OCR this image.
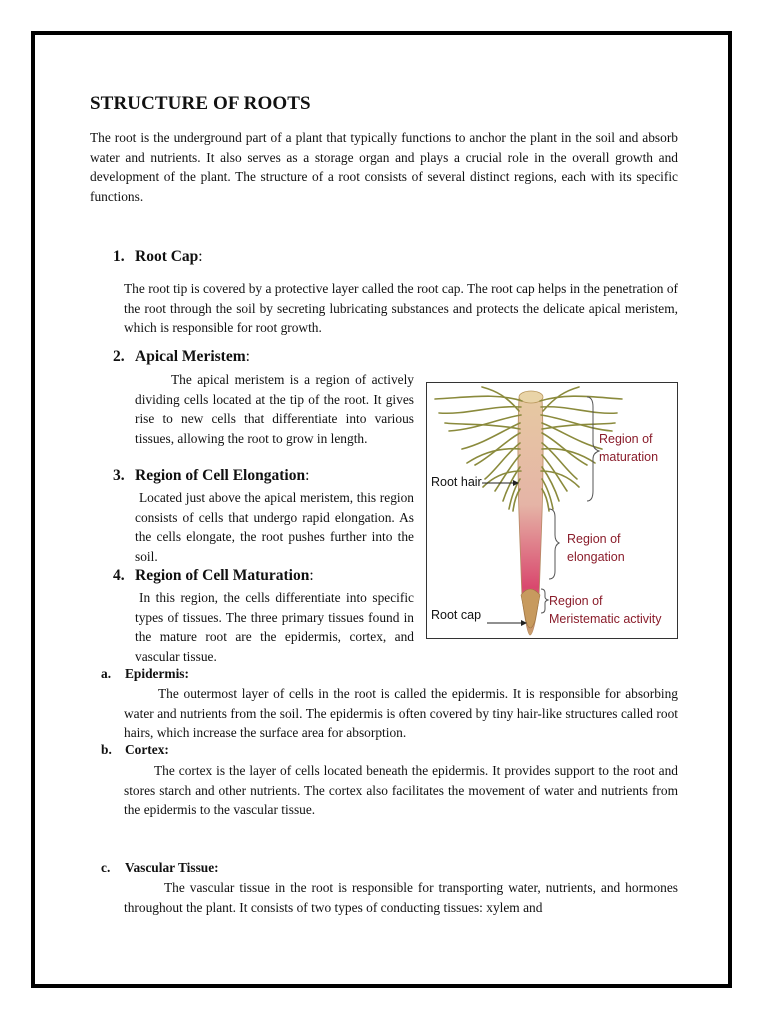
STRUCTURE OF ROOTS
The root is the underground part of a plant that typically functions to anchor the plant in the soil and absorb water and nutrients. It also serves as a storage organ and plays a crucial role in the overall growth and development of the plant. The structure of a root consists of several distinct regions, each with its specific functions.
1. Root Cap:
The root tip is covered by a protective layer called the root cap. The root cap helps in the penetration of the root through the soil by secreting lubricating substances and protects the delicate apical meristem, which is responsible for root growth.
2. Apical Meristem:
The apical meristem is a region of actively dividing cells located at the tip of the root. It gives rise to new cells that differentiate into various tissues, allowing the root to grow in length.
3. Region of Cell Elongation:
Located just above the apical meristem, this region consists of cells that undergo rapid elongation. As the cells elongate, the root pushes further into the soil.
4. Region of Cell Maturation:
In this region, the cells differentiate into specific types of tissues. The three primary tissues found in the mature root are the epidermis, cortex, and vascular tissue.
Region of
maturation
Root hair
Region of
elongation
Region of
Meristematic activity
Root cap
a. Epidermis:
The outermost layer of cells in the root is called the epidermis. It is responsible for absorbing water and nutrients from the soil. The epidermis is often covered by tiny hair-like structures called root hairs, which increase the surface area for absorption.
b. Cortex:
The cortex is the layer of cells located beneath the epidermis. It provides support to the root and stores starch and other nutrients. The cortex also facilitates the movement of water and nutrients from the epidermis to the vascular tissue.
c. Vascular Tissue:
The vascular tissue in the root is responsible for transporting water, nutrients, and hormones throughout the plant. It consists of two types of conducting tissues: xylem and
